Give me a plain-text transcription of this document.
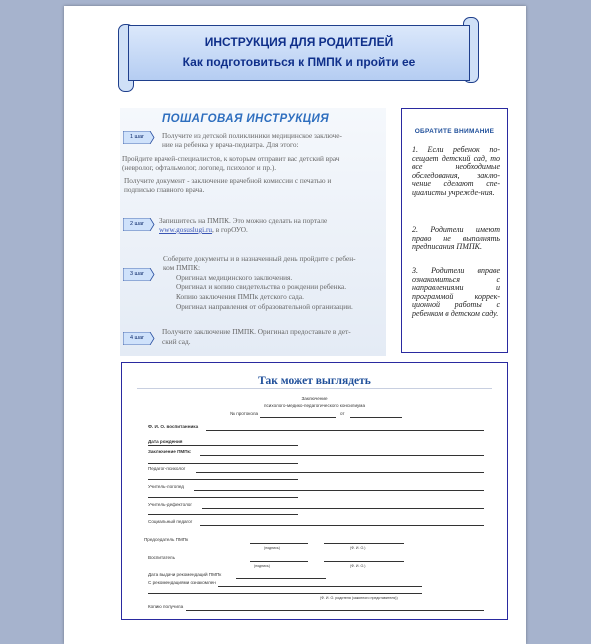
ИНСТРУКЦИЯ ДЛЯ РОДИТЕЛЕЙ
Как подготовиться к ПМПК и пройти ее
ПОШАГОВАЯ ИНСТРУКЦИЯ
1 шаг	Получите из детской поликлиники медицинское заключе-
ние на ребенка у врача-педиатра. Для этого:
Пройдите врачей-специалистов, к которым отправит вас детский врач
(невролог, офтальмолог, логопед, психолог и пр.).
Получите документ - заключение врачебной комиссии с печатью и
подписью главного врача.
2 шаг	Запишитесь на ПМПК. Это можно сделать на портале
www.gosuslugi.ru, в горОУО.
3 шаг
Соберите документы и в назначенный день пройдите с ребен-
ком ПМПК:
Оригинал медицинского заключения.
Оригинал и копию свидетельства о рождении ребенка.
Копию заключения ПМПк детского сада.
Оригинал направления от образовательной организации.
4 шаг
Получите заключение ПМПК. Оригинал предоставьте в дет-
ский сад.
ОБРАТИТЕ ВНИМАНИЕ
1. Если ребенок по-сещает детский сад, то все необходимые обследования, заклю-чение сделают спе-циалисты учрежде-ния.
2. Родители имеют право не выполнять предписания ПМПК.
3. Родители вправе ознакомиться с направлениями и программой коррек-ционной работы с ребенком в детском саду.
Так может выглядеть
Заключение
психолого-медико-педагогического консилиума
№ протокола	от
Ф. И. О. воспитанника
Дата рождения
Заключение ПМПк:
Педагог-психолог
Учитель-логопед
Учитель-дефектолог
Социальный педагог
Председатель ПМПк
(подпись)	(Ф. И. О.)
Воспитатель
(подпись)	(Ф. И. О.)
Дата выдачи рекомендаций ПМПк
С рекомендациями ознакомлен
(Ф. И. О. родителя (законного представителя))
Копию получила
